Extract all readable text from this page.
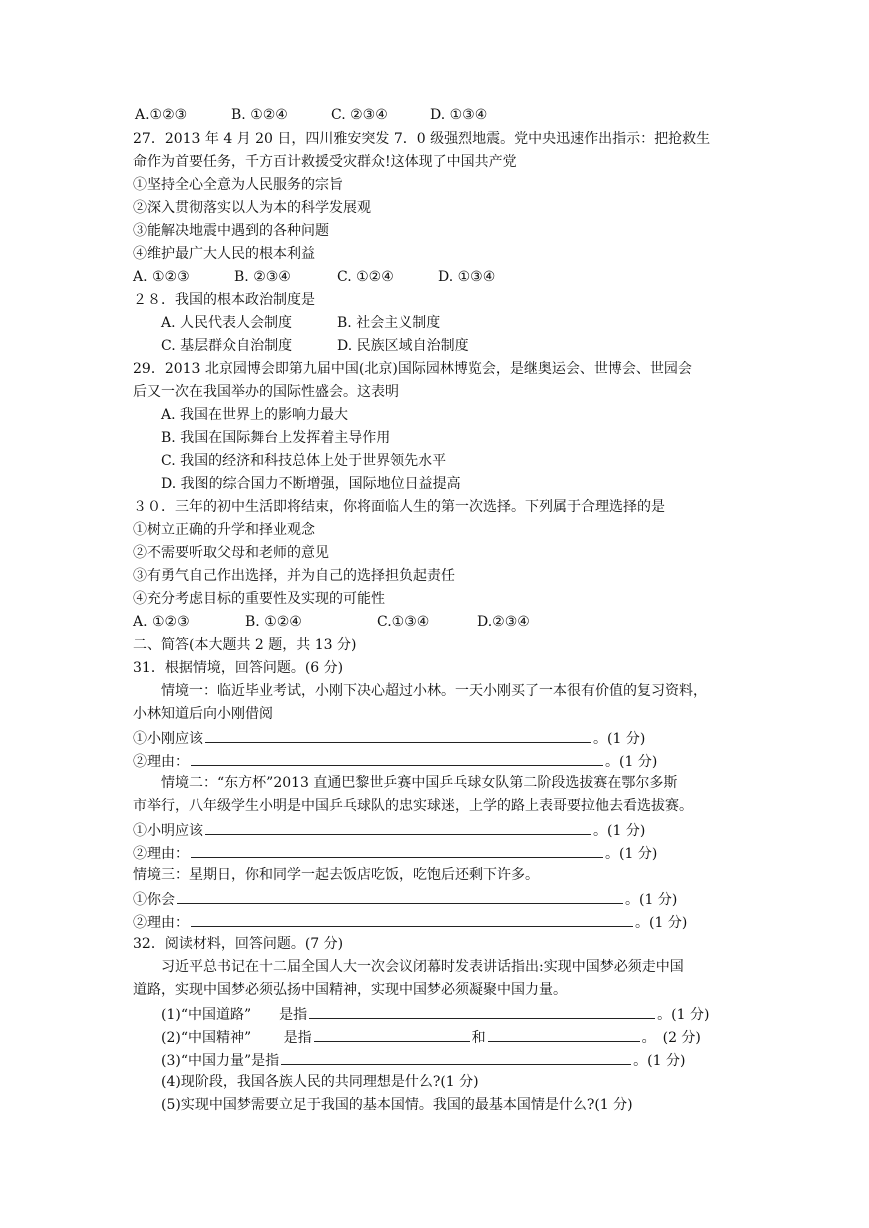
A.①②③	B. ①②④	C. ②③④	D. ①③④
27．2013 年 4 月 20 日，四川雅安突发 7．0 级强烈地震。党中央迅速作出指示：把抢救生
命作为首要任务，千方百计救援受灾群众!这体现了中国共产党
①坚持全心全意为人民服务的宗旨
②深入贯彻落实以人为本的科学发展观
③能解决地震中遇到的各种问题
④维护最广大人民的根本利益
A. ①②③	B. ②③④	C. ①②④	D. ①③④
２８．我国的根本政治制度是
A. 人民代表人会制度	B. 社会主义制度
C. 基层群众自治制度	D. 民族区域自治制度
29．2013 北京园博会即第九届中国(北京)国际园林博览会，是继奥运会、世博会、世园会
后又一次在我国举办的国际性盛会。这表明
A. 我国在世界上的影响力最大
B. 我国在国际舞台上发挥着主导作用
C. 我国的经济和科技总体上处于世界领先水平
D. 我图的综合国力不断增强，国际地位日益提高
３０．三年的初中生活即将结束，你将面临人生的第一次选择。下列属于合理选择的是
①树立正确的升学和择业观念
②不需要听取父母和老师的意见
③有勇气自己作出选择，并为自己的选择担负起责任
④充分考虑目标的重要性及实现的可能性
A. ①②③	B. ①②④	C.①③④	D.②③④
二、简答(本大题共 2 题，共 13 分)
31．根据情境，回答问题。(6 分)
情境一：临近毕业考试，小刚下决心超过小林。一天小刚买了一本很有价值的复习资料，
小林知道后向小刚借阅
①小刚应该	。(1 分)
②理由：	。(1 分)
情境二：“东方杯”2013 直通巴黎世乒赛中国乒乓球女队第二阶段选拔赛在鄂尔多斯
市举行，八年级学生小明是中国乒乓球队的忠实球迷，上学的路上表哥要拉他去看选拔赛。
①小明应该	。(1 分)
②理由：	。(1 分)
情境三：星期日，你和同学一起去饭店吃饭，吃饱后还剩下许多。
①你会	。(1 分)
②理由：	。(1 分)
32．阅读材料，回答问题。(7 分)
习近平总书记在十二届全国人大一次会议闭幕时发表讲话指出:实现中国梦必须走中国
道路，实现中国梦必须弘扬中国精神，实现中国梦必须凝聚中国力量。
(1)“中国道路”　　是指	。(1 分)
(2)“中国精神”　　 是指	和	。　(2 分)
(3)“中国力量”是指	。(1 分)
(4)现阶段，我国各族人民的共同理想是什么?(1 分)
(5)实现中国梦需要立足于我国的基本国情。我国的最基本国情是什么?(1 分)
